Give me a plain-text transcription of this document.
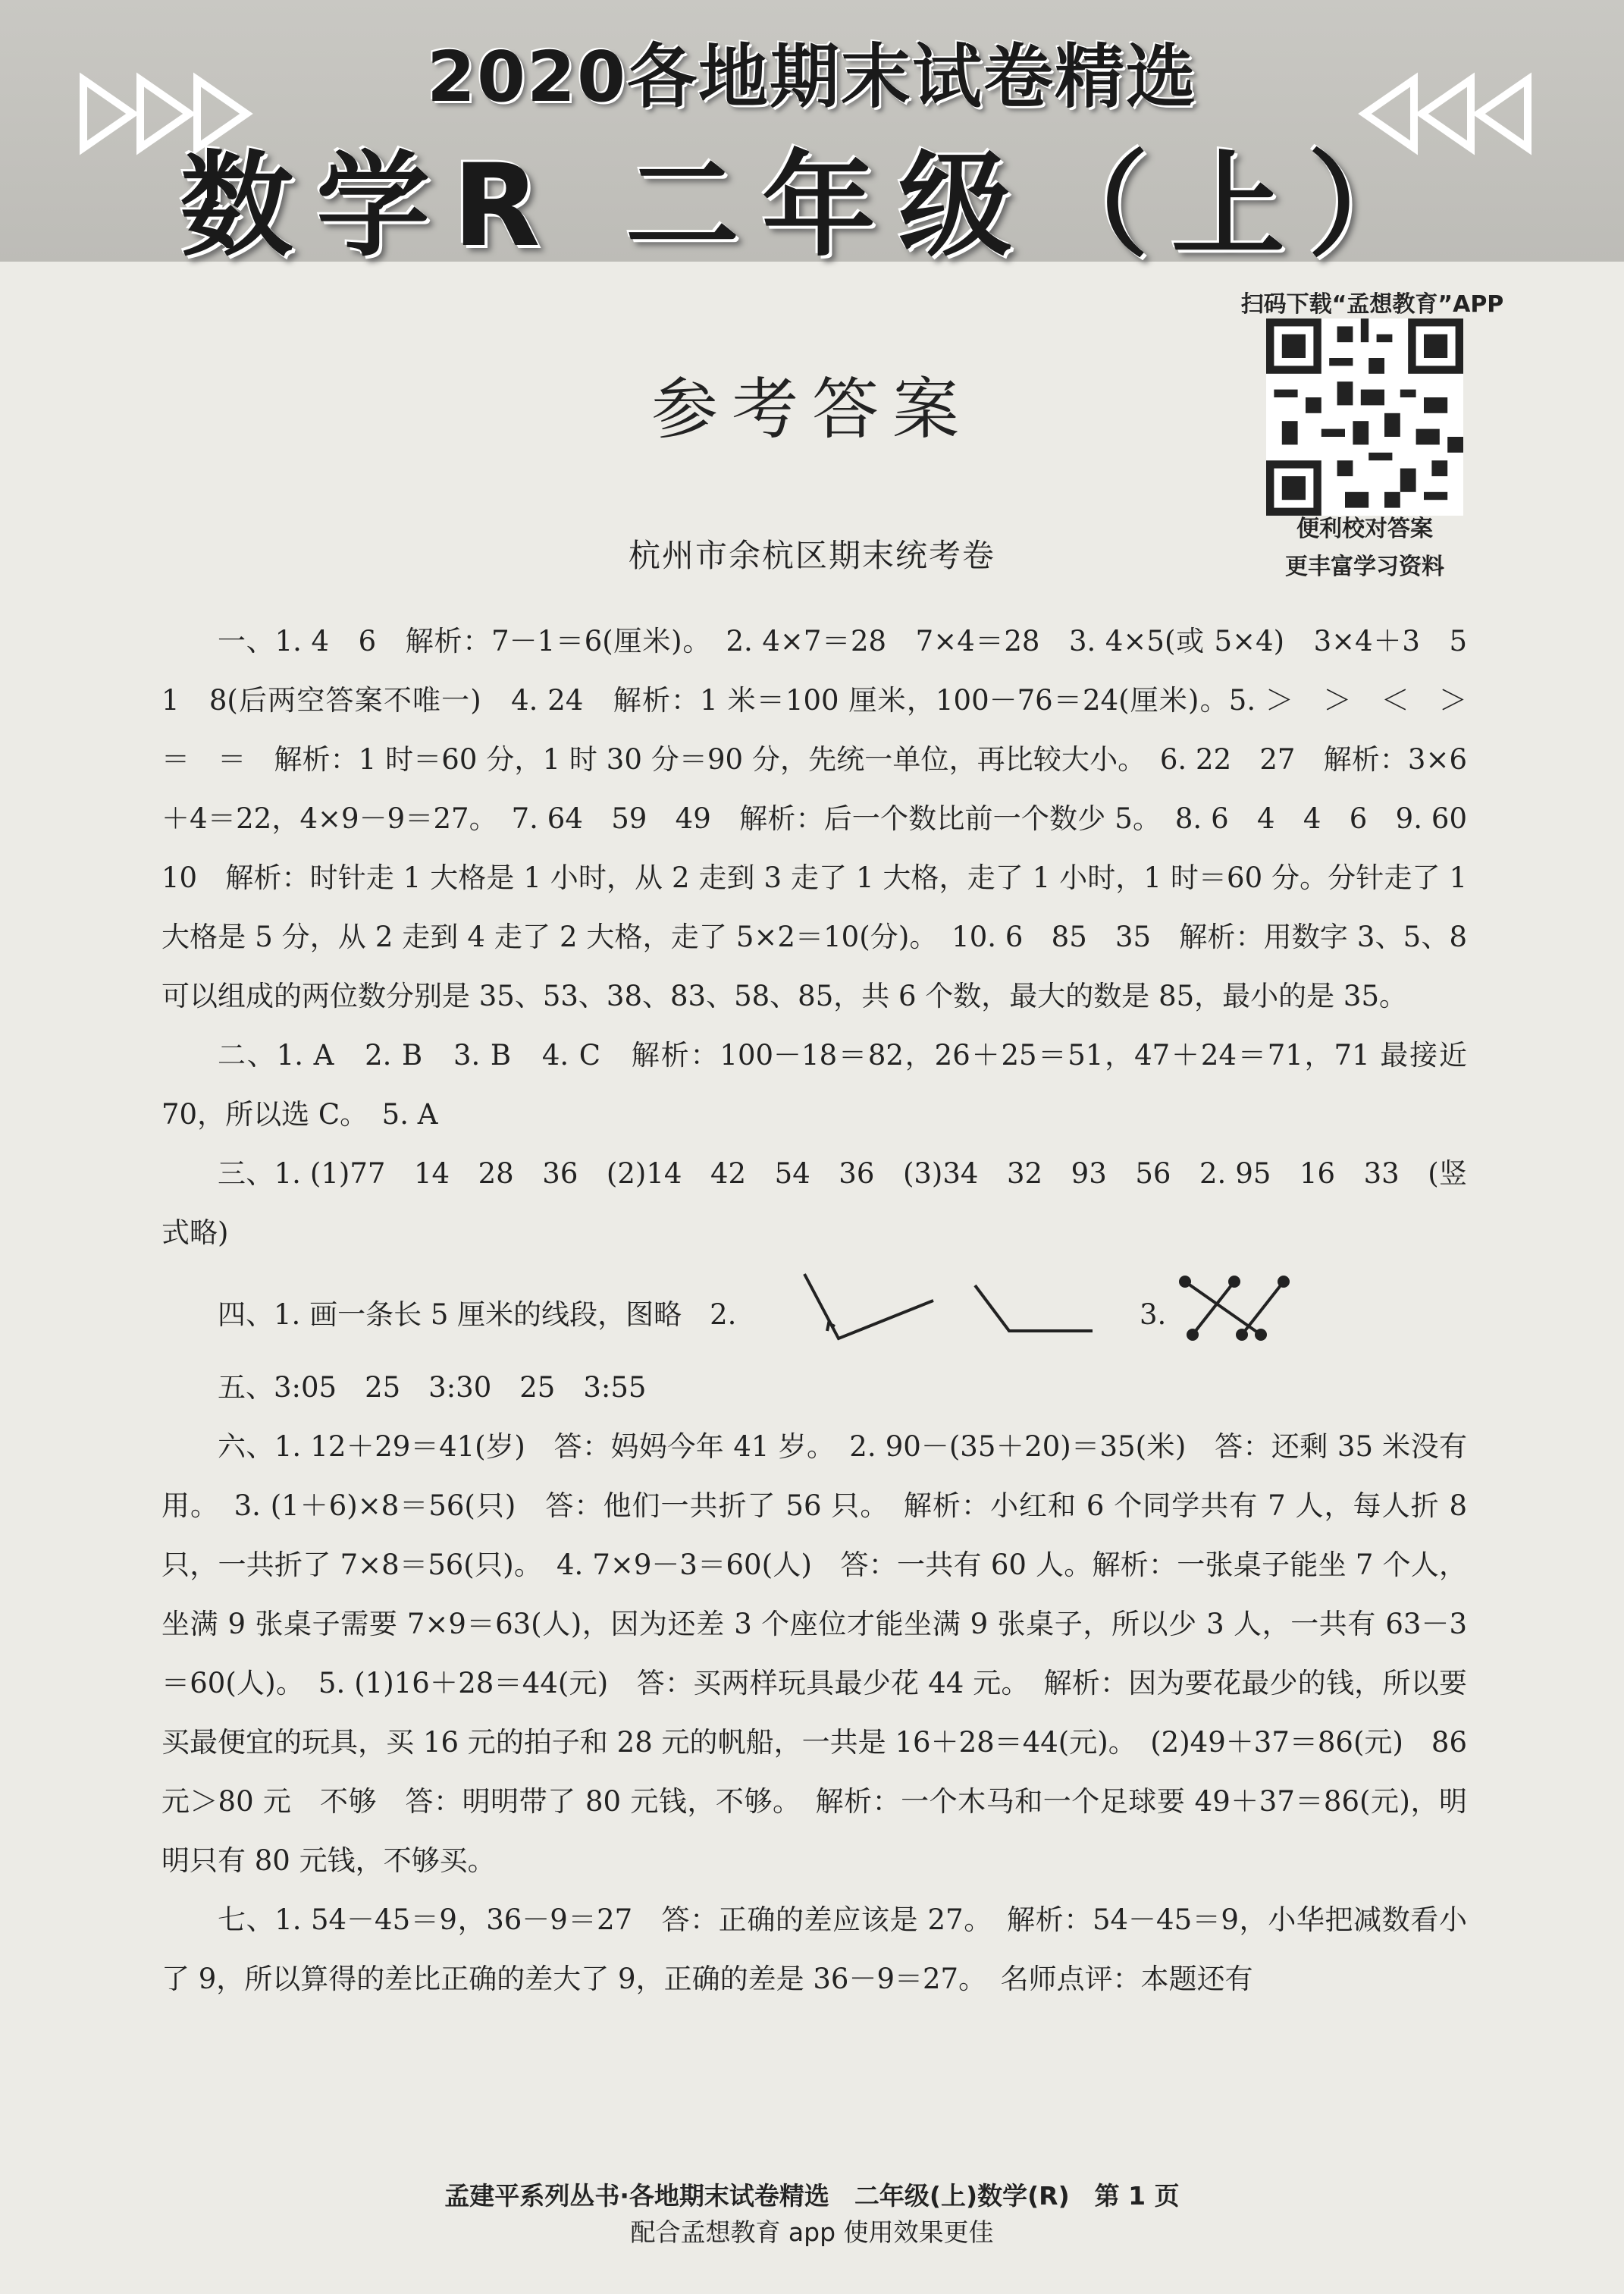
2020各地期末试卷精选
数学R 二年级（上）
扫码下载“孟想教育”APP
便利校对答案
更丰富学习资料
参考答案
杭州市余杭区期末统考卷

一、1. 4　6　解析：7－1＝6(厘米)。　2. 4×7＝28　7×4＝28　3. 4×5(或 5×4)　3×4＋3　5　1　8(后两空答案不唯一)　4. 24　解析：1 米＝100 厘米，100－76＝24(厘米)。5. ＞　＞　＜　＞　＝　＝　解析：1 时＝60 分，1 时 30 分＝90 分，先统一单位，再比较大小。　6. 22　27　解析：3×6＋4＝22，4×9－9＝27。　7. 64　59　49　解析：后一个数比前一个数少 5。　8. 6　4　4　6　9. 60　10　解析：时针走 1 大格是 1 小时，从 2 走到 3 走了 1 大格，走了 1 小时，1 时＝60 分。分针走了 1 大格是 5 分，从 2 走到 4 走了 2 大格，走了 5×2＝10(分)。　10. 6　85　35　解析：用数字 3、5、8 可以组成的两位数分别是 35、53、38、83、58、85，共 6 个数，最大的数是 85，最小的是 35。

二、1. A　2. B　3. B　4. C　解析：100－18＝82，26＋25＝51，47＋24＝71，71 最接近 70，所以选 C。　5. A

三、1. (1)77　14　28　36　(2)14　42　54　36　(3)34　32　93　56　2. 95　16　33　(竖式略)

四、1. 画一条长 5 厘米的线段，图略　2.	3.

五、3:05　25　3:30　25　3:55

六、1. 12＋29＝41(岁)　答：妈妈今年 41 岁。　2. 90－(35＋20)＝35(米)　答：还剩 35 米没有用。　3. (1＋6)×8＝56(只)　答：他们一共折了 56 只。　解析：小红和 6 个同学共有 7 人，每人折 8 只，一共折了 7×8＝56(只)。　4. 7×9－3＝60(人)　答：一共有 60 人。解析：一张桌子能坐 7 个人，坐满 9 张桌子需要 7×9＝63(人)，因为还差 3 个座位才能坐满 9 张桌子，所以少 3 人，一共有 63－3＝60(人)。　5. (1)16＋28＝44(元)　答：买两样玩具最少花 44 元。　解析：因为要花最少的钱，所以要买最便宜的玩具，买 16 元的拍子和 28 元的帆船，一共是 16＋28＝44(元)。　(2)49＋37＝86(元)　86 元＞80 元　不够　答：明明带了 80 元钱，不够。　解析：一个木马和一个足球要 49＋37＝86(元)，明明只有 80 元钱，不够买。

七、1. 54－45＝9，36－9＝27　答：正确的差应该是 27。　解析：54－45＝9，小华把减数看小了 9，所以算得的差比正确的差大了 9，正确的差是 36－9＝27。　名师点评：本题还有

孟建平系列丛书·各地期末试卷精选　二年级(上)数学(R)　第 1 页
配合孟想教育 app 使用效果更佳
